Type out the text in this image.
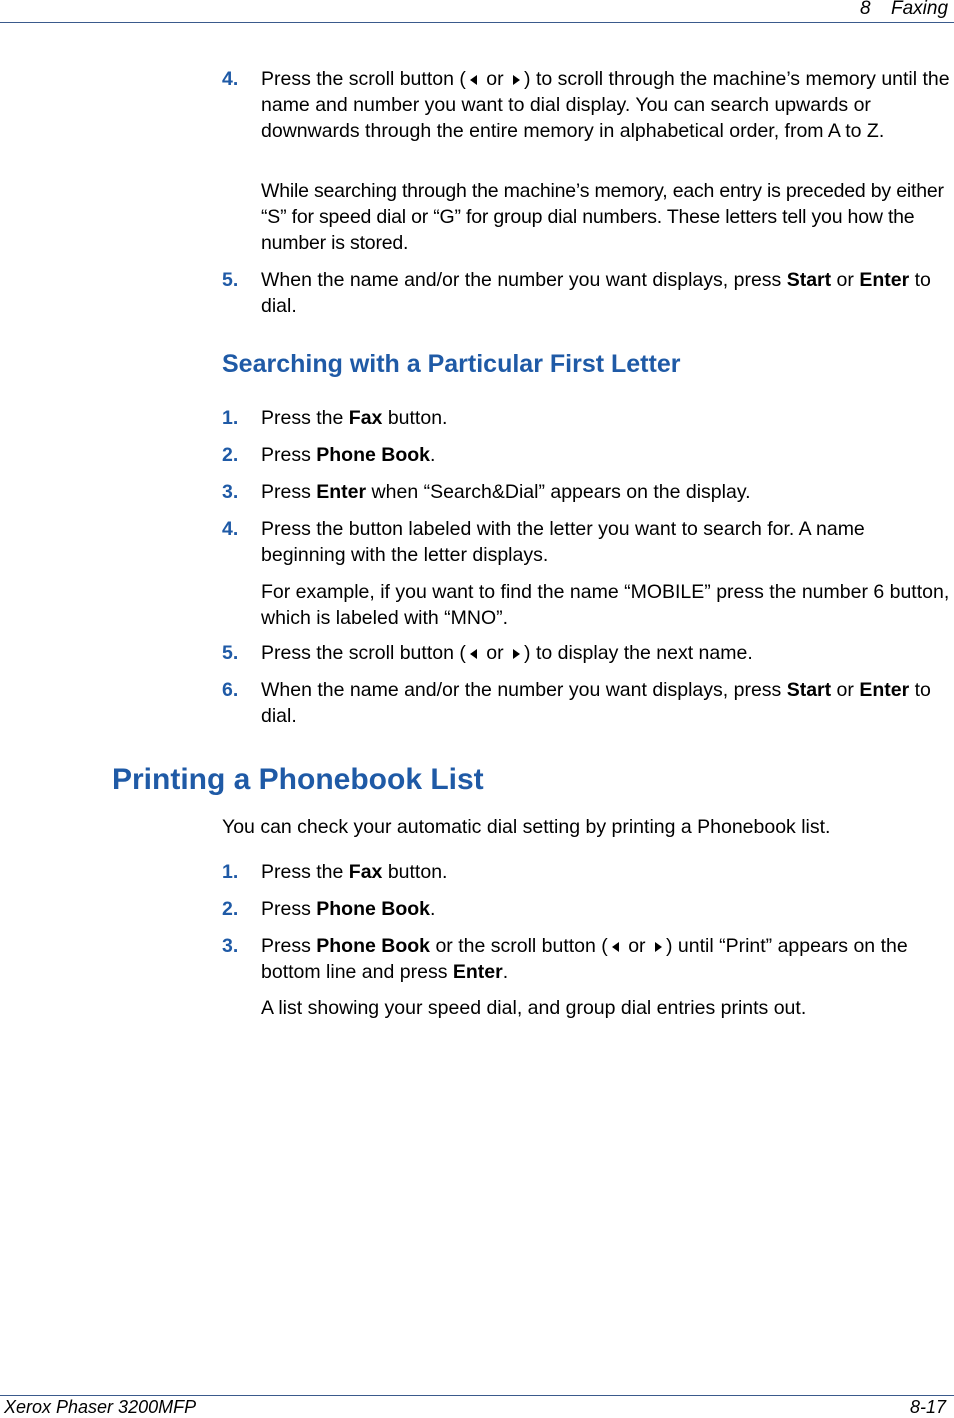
8 Faxing
4. Press the scroll button ( or ) to scroll through the machine’s memory until the name and number you want to dial display. You can search upwards or downwards through the entire memory in alphabetical order, from A to Z.
While searching through the machine’s memory, each entry is preceded by either “S” for speed dial or “G” for group dial numbers. These letters tell you how the number is stored.
5. When the name and/or the number you want displays, press Start or Enter to dial.
Searching with a Particular First Letter
1. Press the Fax button.
2. Press Phone Book.
3. Press Enter when “Search&Dial” appears on the display.
4. Press the button labeled with the letter you want to search for. A name beginning with the letter displays.
For example, if you want to find the name “MOBILE” press the number 6 button, which is labeled with “MNO”.
5. Press the scroll button ( or ) to display the next name.
6. When the name and/or the number you want displays, press Start or Enter to dial.
Printing a Phonebook List
You can check your automatic dial setting by printing a Phonebook list.
1. Press the Fax button.
2. Press Phone Book.
3. Press Phone Book or the scroll button ( or ) until “Print” appears on the bottom line and press Enter.
A list showing your speed dial, and group dial entries prints out.
Xerox Phaser 3200MFP	8-17
